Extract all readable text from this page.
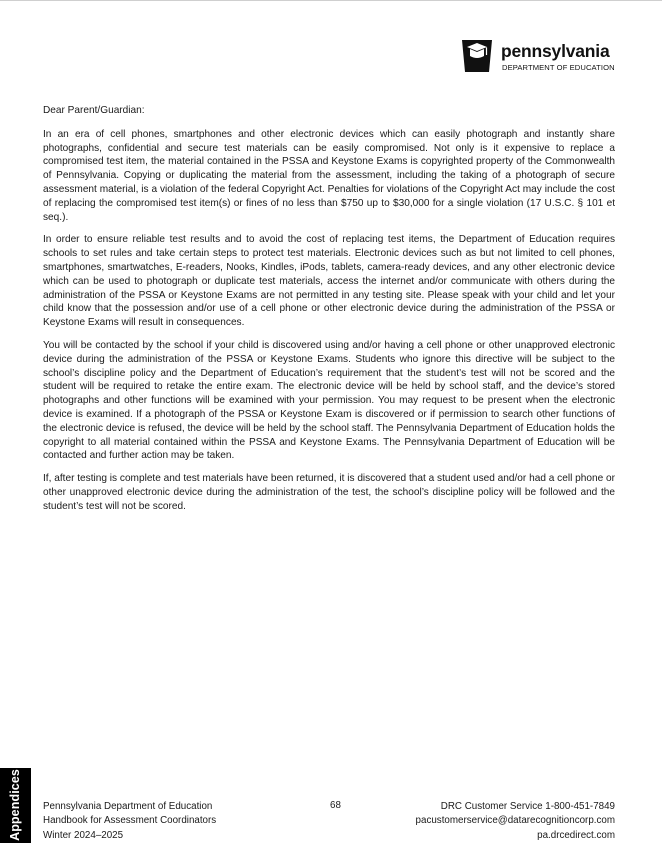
pennsylvania
DEPARTMENT OF EDUCATION

Dear Parent/Guardian:

In an era of cell phones, smartphones and other electronic devices which can easily photograph and instantly share photographs, confidential and secure test materials can be easily compromised. Not only is it expensive to replace a compromised test item, the material contained in the PSSA and Keystone Exams is copyrighted property of the Commonwealth of Pennsylvania. Copying or duplicating the material from the assessment, including the taking of a photograph of secure assessment material, is a violation of the federal Copyright Act. Penalties for violations of the Copyright Act may include the cost of replacing the compromised test item(s) or fines of no less than $750 up to $30,000 for a single violation (17 U.S.C. § 101 et seq.).

In order to ensure reliable test results and to avoid the cost of replacing test items, the Department of Education requires schools to set rules and take certain steps to protect test materials. Electronic devices such as but not limited to cell phones, smartphones, smartwatches, E-readers, Nooks, Kindles, iPods, tablets, camera-ready devices, and any other electronic device which can be used to photograph or duplicate test materials, access the internet and/or communicate with others during the administration of the PSSA or Keystone Exams are not permitted in any testing site. Please speak with your child and let your child know that the possession and/or use of a cell phone or other electronic device during the administration of the PSSA or Keystone Exams will result in consequences.

You will be contacted by the school if your child is discovered using and/or having a cell phone or other unapproved electronic device during the administration of the PSSA or Keystone Exams. Students who ignore this directive will be subject to the school’s discipline policy and the Department of Education’s requirement that the student’s test will not be scored and the student will be required to retake the entire exam. The electronic device will be held by school staff, and the device’s stored photographs and other functions will be examined with your permission. You may request to be present when the electronic device is examined. If a photograph of the PSSA or Keystone Exam is discovered or if permission to search other functions of the electronic device is refused, the device will be held by the school staff. The Pennsylvania Department of Education holds the copyright to all material contained within the PSSA and Keystone Exams. The Pennsylvania Department of Education will be contacted and further action may be taken.

If, after testing is complete and test materials have been returned, it is discovered that a student used and/or had a cell phone or other unapproved electronic device during the administration of the test, the school’s discipline policy will be followed and the student’s test will not be scored.

Appendices Pennsylvania Department of Education
Handbook for Assessment Coordinators
Winter 2024–2025
68	DRC Customer Service 1-800-451-7849
pacustomerservice@datarecognitioncorp.com
pa.drcedirect.com
